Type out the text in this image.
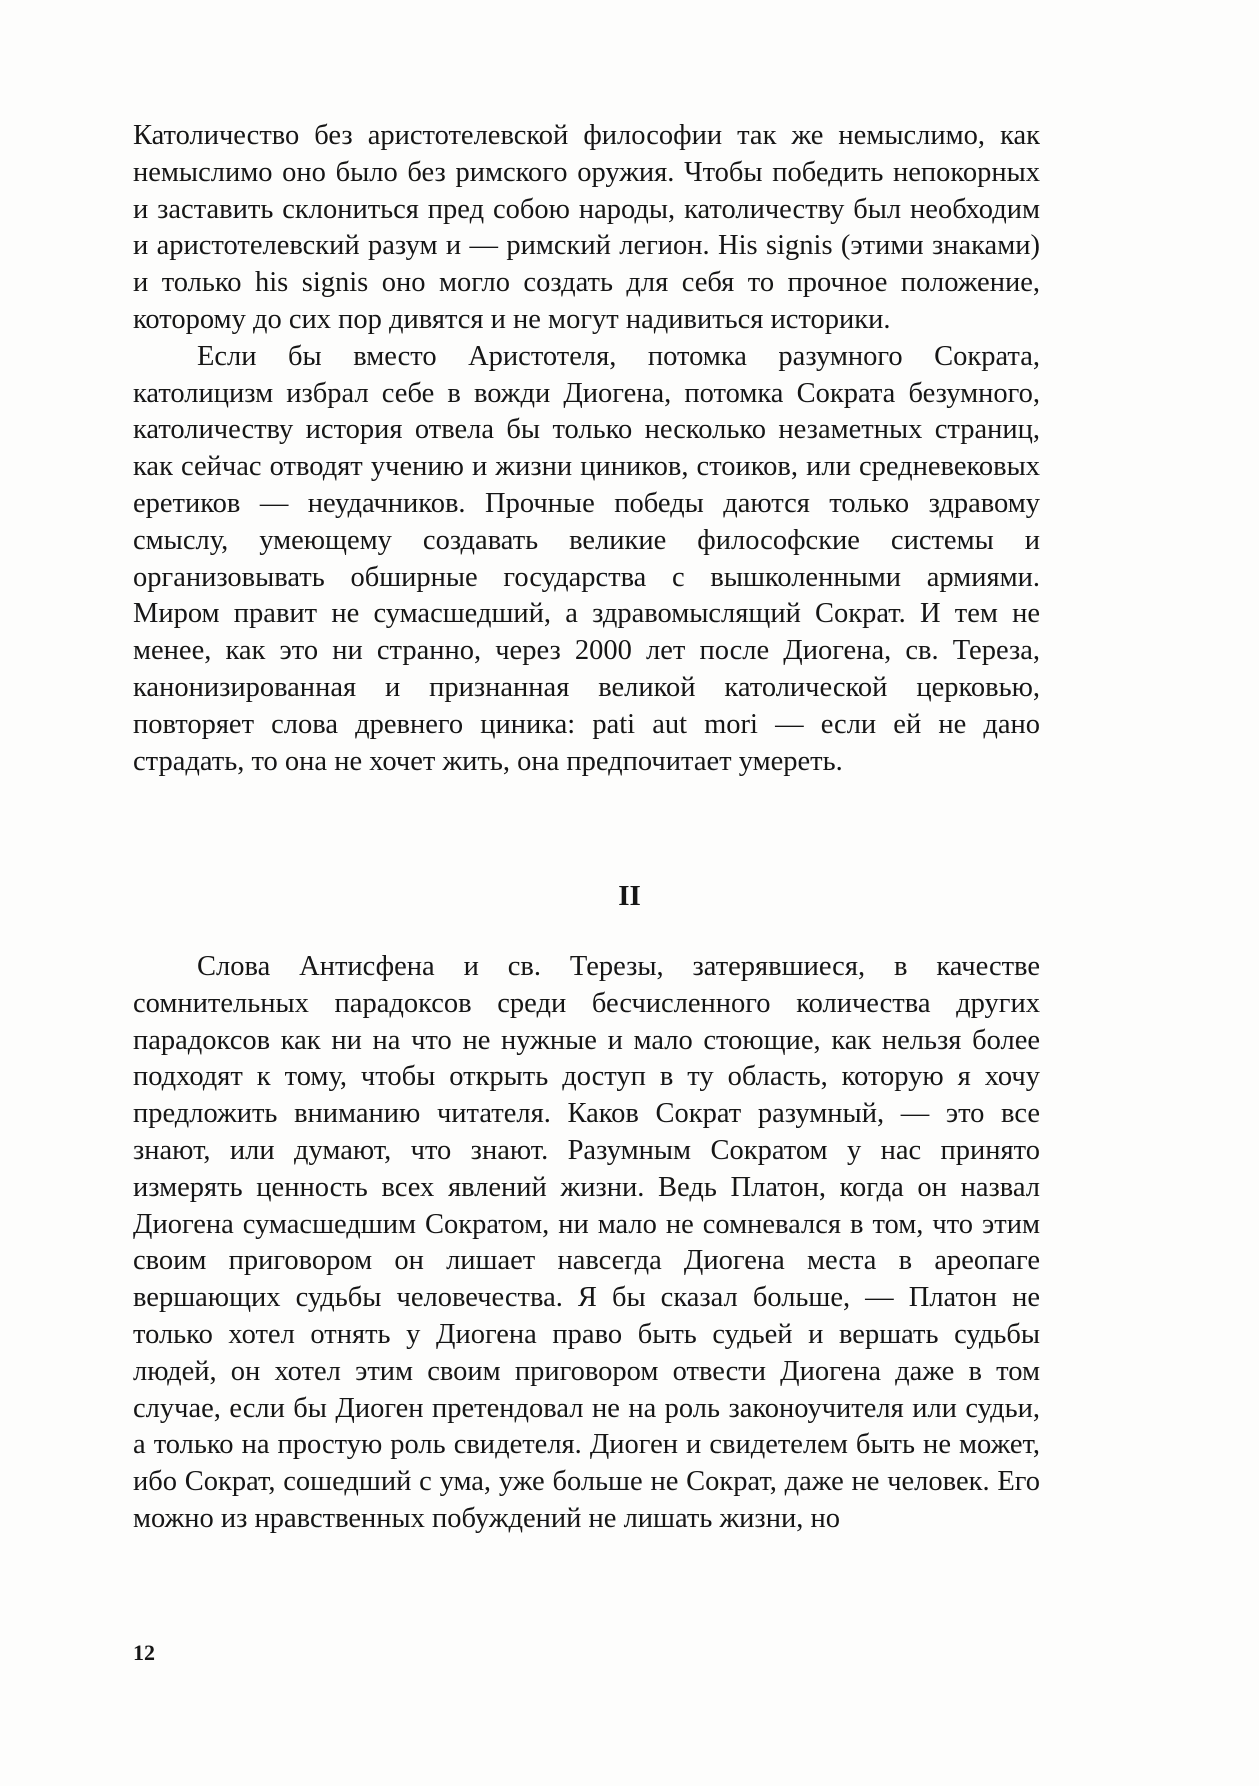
Католичество без аристотелевской философии так же немыслимо, как немыслимо оно было без римского оружия. Чтобы победить непокорных и заставить склониться пред собою народы, католичеству был необходим и аристотелевский разум и — римский легион. His signis (этими знаками) и только his signis оно могло создать для себя то прочное положение, которому до сих пор дивятся и не могут надивиться историки.

Если бы вместо Аристотеля, потомка разумного Сократа, католицизм избрал себе в вожди Диогена, потомка Сократа безумного, католичеству история отвела бы только несколько незаметных страниц, как сейчас отводят учению и жизни циников, стоиков, или средневековых еретиков — неудачников. Прочные победы даются только здравому смыслу, умеющему создавать великие философские системы и организовывать обширные государства с вышколенными армиями. Миром правит не сумасшедший, а здравомыслящий Сократ. И тем не менее, как это ни странно, через 2000 лет после Диогена, св. Тереза, канонизированная и признанная великой католической церковью, повторяет слова древнего циника: pati aut mori — если ей не дано страдать, то она не хочет жить, она предпочитает умереть.

II

Слова Антисфена и св. Терезы, затерявшиеся, в качестве сомнительных парадоксов среди бесчисленного количества других парадоксов как ни на что не нужные и мало стоющие, как нельзя более подходят к тому, чтобы открыть доступ в ту область, которую я хочу предложить вниманию читателя. Каков Сократ разумный, — это все знают, или думают, что знают. Разумным Сократом у нас принято измерять ценность всех явлений жизни. Ведь Платон, когда он назвал Диогена сумасшедшим Сократом, ни мало не сомневался в том, что этим своим приговором он лишает навсегда Диогена места в ареопаге вершающих судьбы человечества. Я бы сказал больше, — Платон не только хотел отнять у Диогена право быть судьей и вершать судьбы людей, он хотел этим своим приговором отвести Диогена даже в том случае, если бы Диоген претендовал не на роль законоучителя или судьи, а только на простую роль свидетеля. Диоген и свидетелем быть не может, ибо Сократ, сошедший с ума, уже больше не Сократ, даже не человек. Его можно из нравственных побуждений не лишать жизни, но

12
